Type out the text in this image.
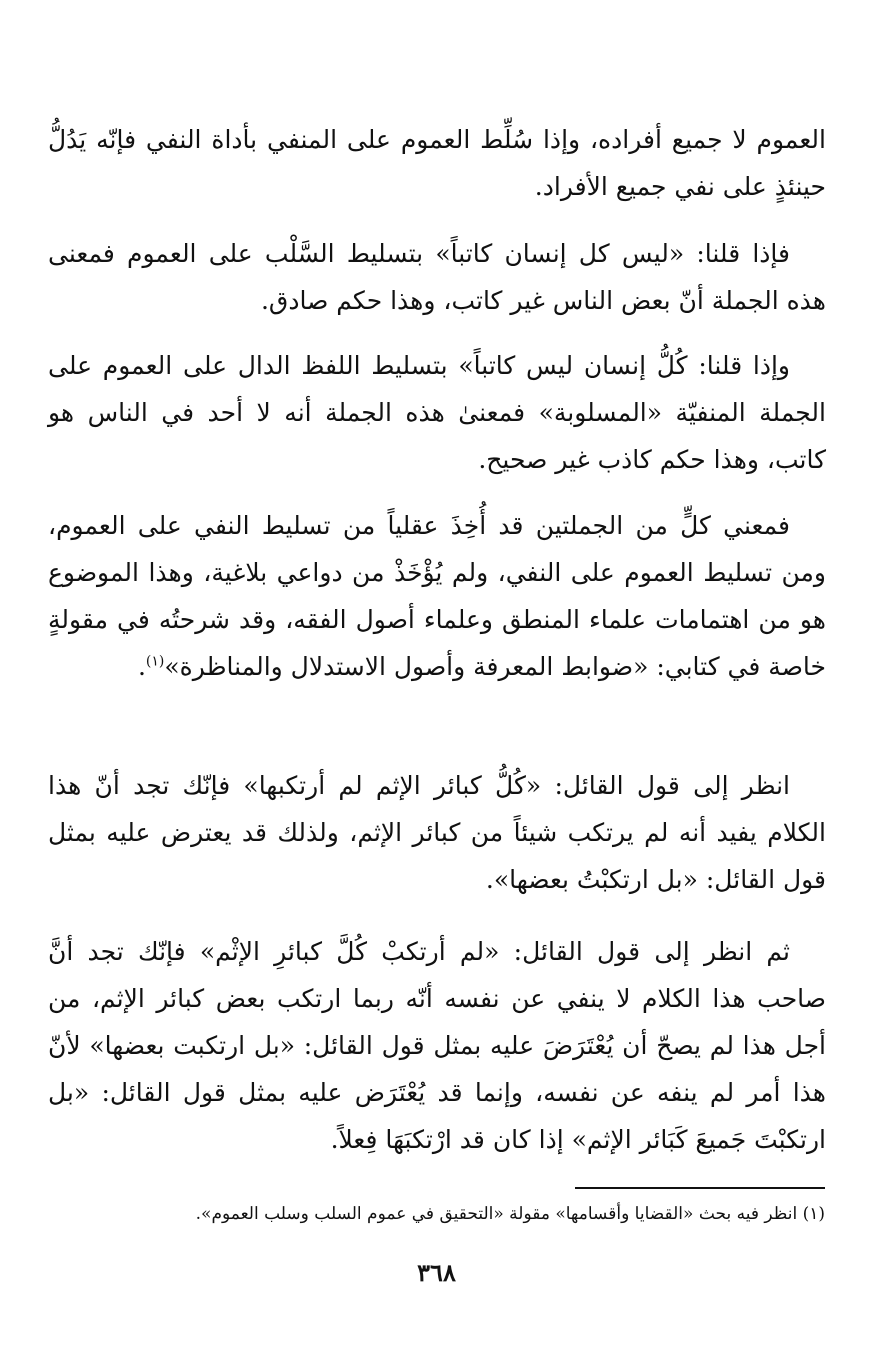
العموم لا جميع أفراده، وإذا سُلِّط العموم على المنفي بأداة النفي فإنّه يَدُلُّ حينئذٍ على نفي جميع الأفراد.

فإذا قلنا: «ليس كل إنسان كاتباً» بتسليط السَّلْب على العموم فمعنى هذه الجملة أنّ بعض الناس غير كاتب، وهذا حكم صادق.

وإذا قلنا: كُلُّ إنسان ليس كاتباً» بتسليط اللفظ الدال على العموم على الجملة المنفيّة «المسلوبة» فمعنىٰ هذه الجملة أنه لا أحد في الناس هو كاتب، وهذا حكم كاذب غير صحيح.

فمعني كلٍّ من الجملتين قد أُخِذَ عقلياً من تسليط النفي على العموم، ومن تسليط العموم على النفي، ولم يُؤْخَذْ من دواعي بلاغية، وهذا الموضوع هو من اهتمامات علماء المنطق وعلماء أصول الفقه، وقد شرحتُه في مقولةٍ خاصة في كتابي: «ضوابط المعرفة وأصول الاستدلال والمناظرة»$^{(١)}$.

انظر إلى قول القائل: «كُلُّ كبائر الإثم لم أرتكبها» فإنّك تجد أنّ هذا الكلام يفيد أنه لم يرتكب شيئاً من كبائر الإثم، ولذلك قد يعترض عليه بمثل قول القائل: «بل ارتكبْتُ بعضها».

ثم انظر إلى قول القائل: «لم أرتكبْ كُلَّ كبائرِ الإثْم» فإنّك تجد أنَّ صاحب هذا الكلام لا ينفي عن نفسه أنّه ربما ارتكب بعض كبائر الإثم، من أجل هذا لم يصحّ أن يُعْتَرَضَ عليه بمثل قول القائل: «بل ارتكبت بعضها» لأنّ هذا أمر لم ينفه عن نفسه، وإنما قد يُعْتَرَض عليه بمثل قول القائل: «بل ارتكبْتَ جَميعَ كَبَائر الإثم» إذا كان قد ارْتكبَهَا فِعلاً.

(١) انظر فيه بحث «القضايا وأقسامها» مقولة «التحقيق في عموم السلب وسلب العموم».

٣٦٨
